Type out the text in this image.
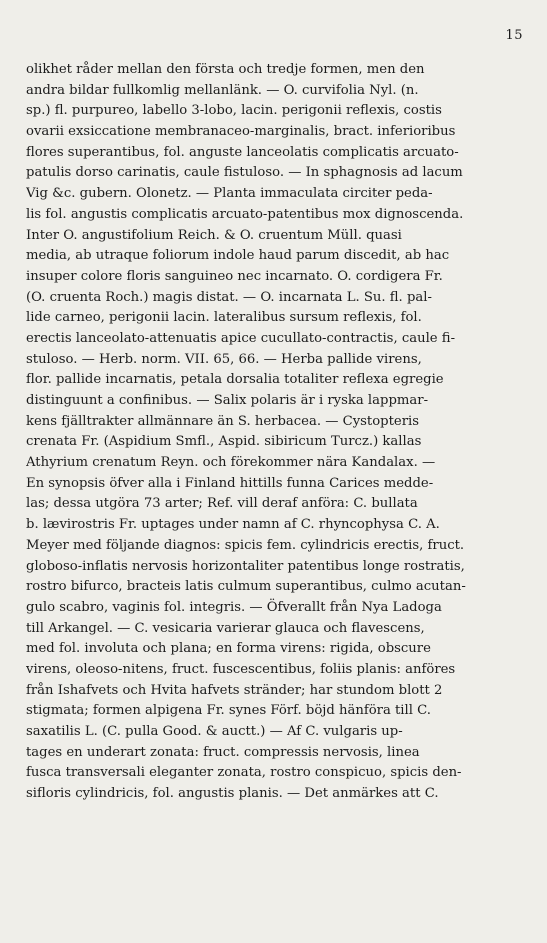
15
olikhet råder mellan den första och tredje formen, men den
andra bildar fullkomlig mellanlänk. — O. curvifolia Nyl. (n.
sp.) fl. purpureo, labello 3-lobo, lacin. perigonii reflexis, costis
ovarii exsiccatione membranaceo-marginalis, bract. inferioribus
flores superantibus, fol. anguste lanceolatis complicatis arcuato-
patulis dorso carinatis, caule fistuloso. — In sphagnosis ad lacum
Vig &c. gubern. Olonetz. — Planta immaculata circiter peda-
lis fol. angustis complicatis arcuato-patentibus mox dignoscenda.
Inter O. angustifolium Reich. & O. cruentum Müll. quasi
media, ab utraque foliorum indole haud parum discedit, ab hac
insuper colore floris sanguineo nec incarnato. O. cordigera Fr.
(O. cruenta Roch.) magis distat. — O. incarnata L. Su. fl. pal-
lide carneo, perigonii lacin. lateralibus sursum reflexis, fol.
erectis lanceolato-attenuatis apice cucullato-contractis, caule fi-
stuloso. — Herb. norm. VII. 65, 66. — Herba pallide virens,
flor. pallide incarnatis, petala dorsalia totaliter reflexa egregie
distinguunt a confinibus. — Salix polaris är i ryska lappmar-
kens fjälltrakter allmännare än S. herbacea. — Cystopteris
crenata Fr. (Aspidium Smfl., Aspid. sibiricum Turcz.) kallas
Athyrium crenatum Reyn. och förekommer nära Kandalax. —
En synopsis öfver alla i Finland hittills funna Carices medde-
las; dessa utgöra 73 arter; Ref. vill deraf anföra: C. bullata
b. lævirostris Fr. uptages under namn af C. rhyncophysa C. A.
Meyer med följande diagnos: spicis fem. cylindricis erectis, fruct.
globoso-inflatis nervosis horizontaliter patentibus longe rostratis,
rostro bifurco, bracteis latis culmum superantibus, culmo acutan-
gulo scabro, vaginis fol. integris. — Öfverallt från Nya Ladoga
till Arkangel. — C. vesicaria varierar glauca och flavescens,
med fol. involuta och plana; en forma virens: rigida, obscure
virens, oleoso-nitens, fruct. fuscescentibus, foliis planis: anföres
från Ishafvets och Hvita hafvets stränder; har stundom blott 2
stigmata; formen alpigena Fr. synes Förf. böjd hänföra till C.
saxatilis L. (C. pulla Good. & auctt.) — Af C. vulgaris up-
tages en underart zonata: fruct. compressis nervosis, linea
fusca transversali eleganter zonata, rostro conspicuo, spicis den-
sifloris cylindricis, fol. angustis planis. — Det anmärkes att C.
